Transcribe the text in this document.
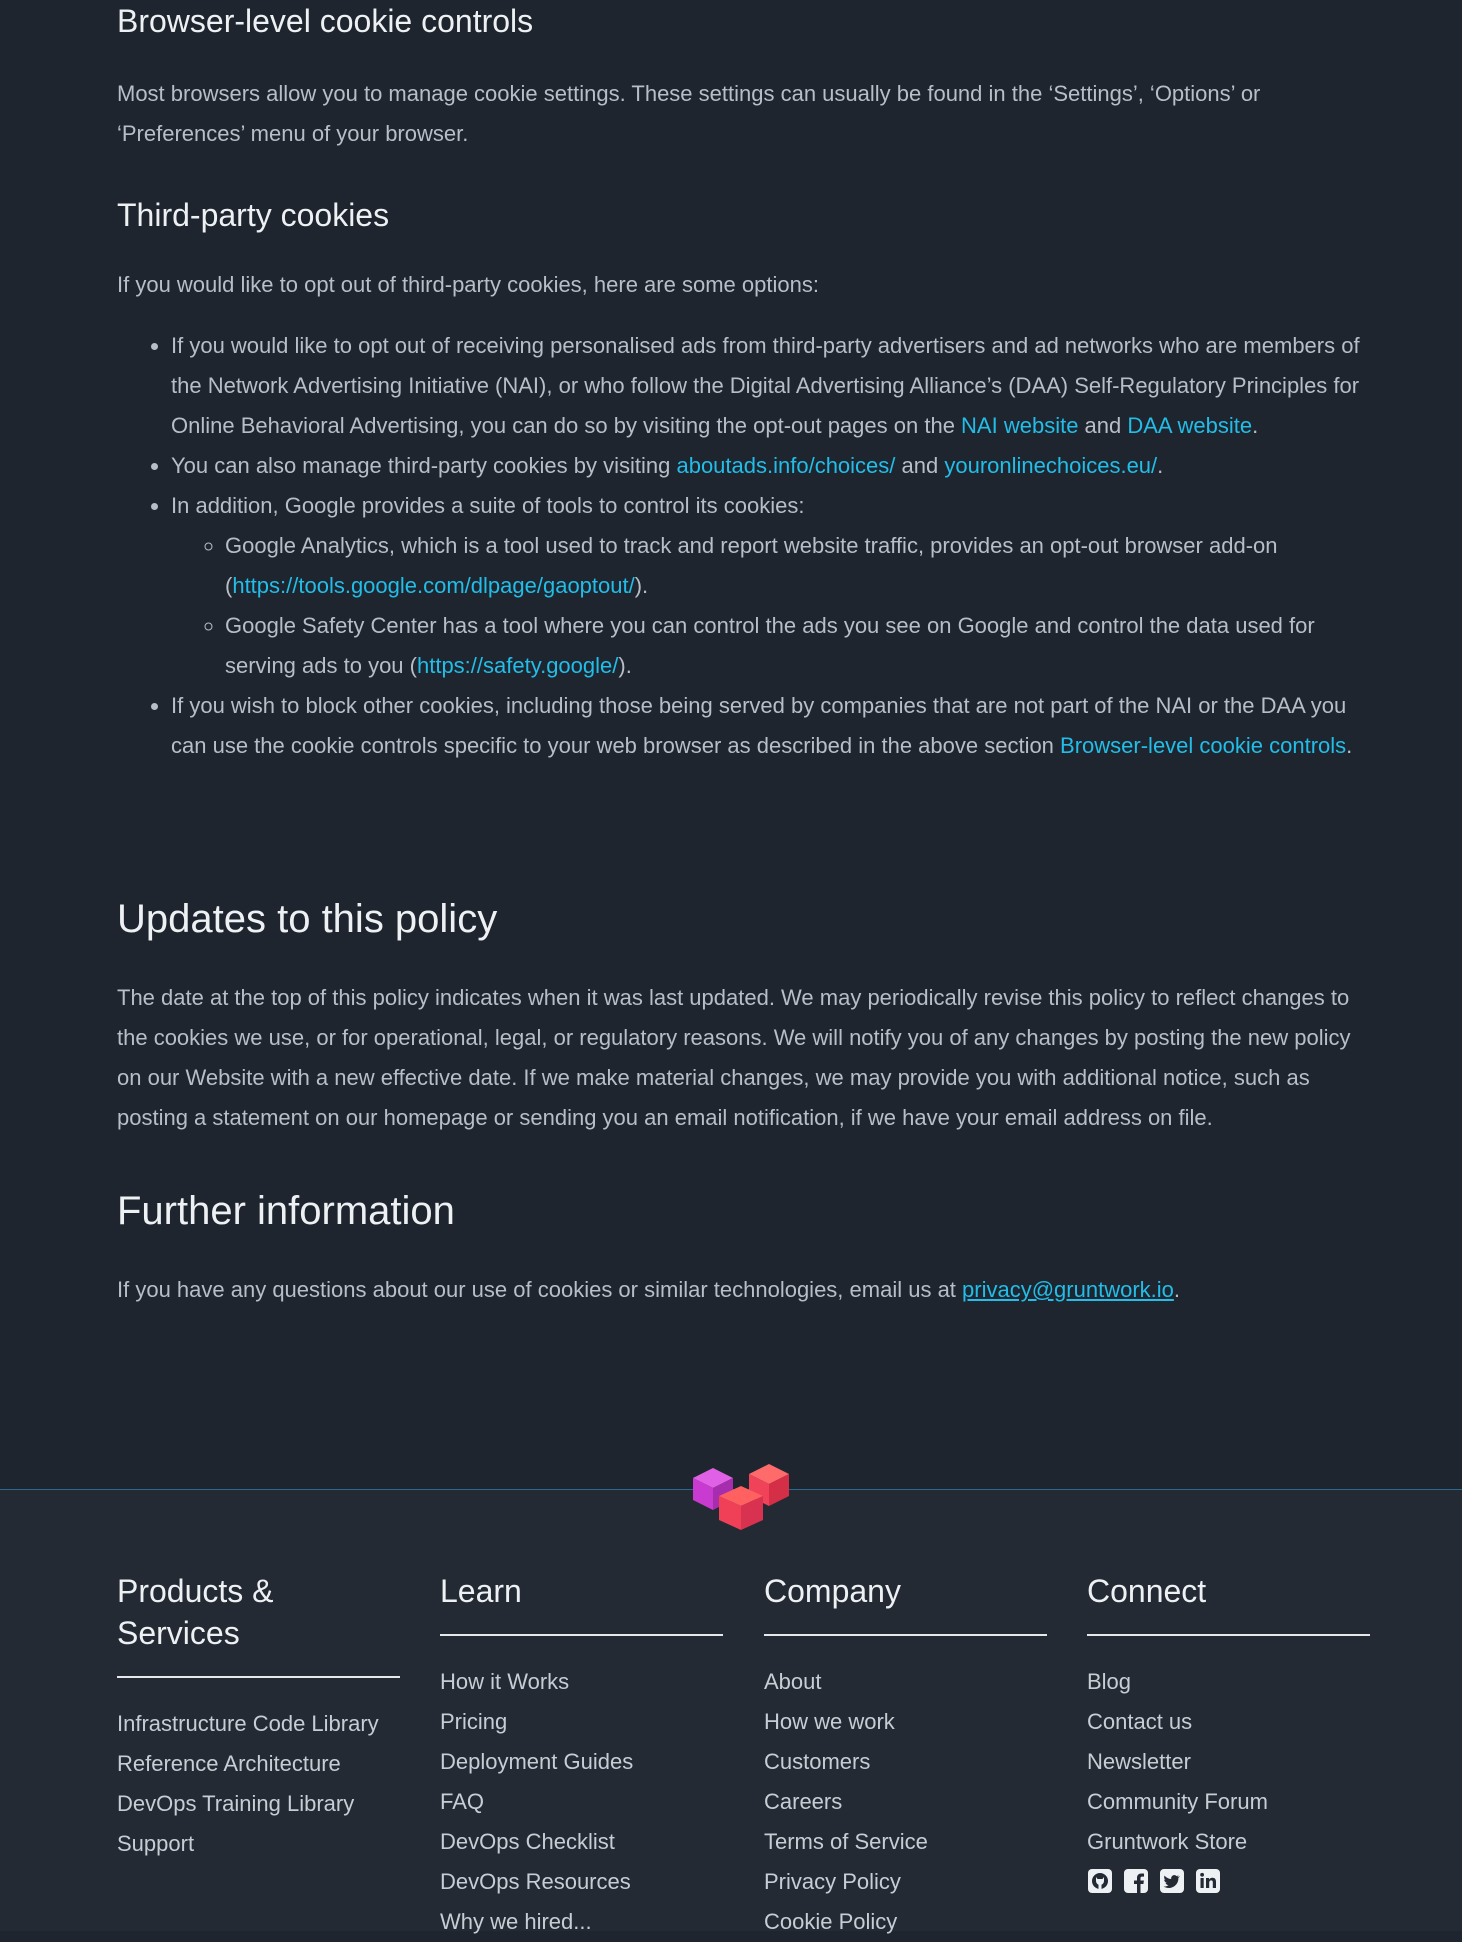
Browser-level cookie controls

Most browsers allow you to manage cookie settings. These settings can usually be found in the ‘Settings’, ‘Options’ or ‘Preferences’ menu of your browser.

Third-party cookies

If you would like to opt out of third-party cookies, here are some options:

• If you would like to opt out of receiving personalised ads from third-party advertisers and ad networks who are members of the Network Advertising Initiative (NAI), or who follow the Digital Advertising Alliance’s (DAA) Self-Regulatory Principles for Online Behavioral Advertising, you can do so by visiting the opt-out pages on the NAI website and DAA website.
• You can also manage third-party cookies by visiting aboutads.info/choices/ and youronlinechoices.eu/.
• In addition, Google provides a suite of tools to control its cookies:
◦ Google Analytics, which is a tool used to track and report website traffic, provides an opt-out browser add-on (https://tools.google.com/dlpage/gaoptout/).
◦ Google Safety Center has a tool where you can control the ads you see on Google and control the data used for serving ads to you (https://safety.google/).
• If you wish to block other cookies, including those being served by companies that are not part of the NAI or the DAA you can use the cookie controls specific to your web browser as described in the above section Browser-level cookie controls.
Updates to this policy

The date at the top of this policy indicates when it was last updated. We may periodically revise this policy to reflect changes to the cookies we use, or for operational, legal, or regulatory reasons. We will notify you of any changes by posting the new policy on our Website with a new effective date. If we make material changes, we may provide you with additional notice, such as posting a statement on our homepage or sending you an email notification, if we have your email address on file.

Further information

If you have any questions about our use of cookies or similar technologies, email us at privacy@gruntwork.io.

Products & Services
Infrastructure Code Library
Reference Architecture
DevOps Training Library
Support
Learn
How it Works
Pricing
Deployment Guides
FAQ
DevOps Checklist
DevOps Resources
Why we hired...
Company
About
How we work
Customers
Careers
Terms of Service
Privacy Policy
Cookie Policy
Connect
Blog
Contact us
Newsletter
Community Forum
Gruntwork Store
